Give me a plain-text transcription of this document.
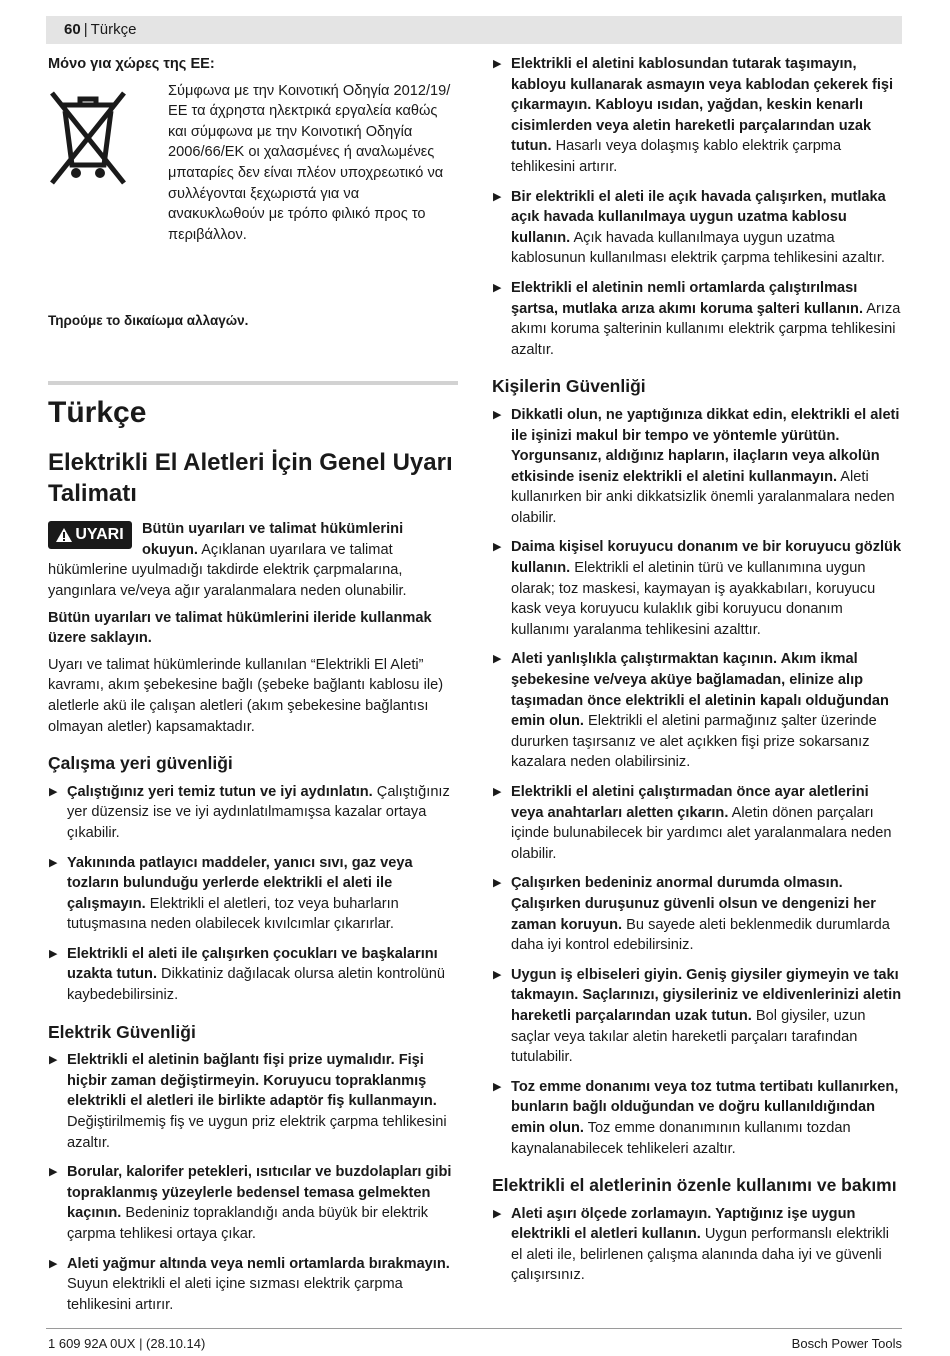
60 | Türkçe

Μόνο για χώρες της ΕΕ:

Σύμφωνα με την Κοινοτική Οδηγία 2012/19/ΕΕ τα άχρηστα ηλεκτρικά εργαλεία καθώς και σύμφωνα με την Κοινοτική Οδηγία 2006/66/ΕΚ οι χαλασμένες ή αναλωμένες μπαταρίες δεν είναι πλέον υποχρεωτικό να συλλέγονται ξεχωριστά για να ανακυκλωθούν με τρόπο φιλικό προς το περιβάλλον.

Τηρούμε το δικαίωμα αλλαγών.

Türkçe

Elektrikli El Aletleri İçin Genel Uyarı Talimatı

UYARI	Bütün uyarıları ve talimat hükümlerini okuyun. Açıklanan uyarılara ve talimat hükümlerine uyulmadığı takdirde elektrik çarpmalarına, yangınlara ve/veya ağır yaralanmalara neden olunabilir.

Bütün uyarıları ve talimat hükümlerini ileride kullanmak üzere saklayın.

Uyarı ve talimat hükümlerinde kullanılan “Elektrikli El Aleti” kavramı, akım şebekesine bağlı (şebeke bağlantı kablosu ile) aletlerle akü ile çalışan aletleri (akım şebekesine bağlantısı olmayan aletler) kapsamaktadır.

Çalışma yeri güvenliği

▶ Çalıştığınız yeri temiz tutun ve iyi aydınlatın. Çalıştığınız yer düzensiz ise ve iyi aydınlatılmamışsa kazalar ortaya çıkabilir.

▶ Yakınında patlayıcı maddeler, yanıcı sıvı, gaz veya tozların bulunduğu yerlerde elektrikli el aleti ile çalışmayın. Elektrikli el aletleri, toz veya buharların tutuşmasına neden olabilecek kıvılcımlar çıkarırlar.

▶ Elektrikli el aleti ile çalışırken çocukları ve başkalarını uzakta tutun. Dikkatiniz dağılacak olursa aletin kontrolünü kaybedebilirsiniz.

Elektrik Güvenliği

▶ Elektrikli el aletinin bağlantı fişi prize uymalıdır. Fişi hiçbir zaman değiştirmeyin. Koruyucu topraklanmış elektrikli el aletleri ile birlikte adaptör fiş kullanmayın. Değiştirilmemiş fiş ve uygun priz elektrik çarpma tehlikesini azaltır.

▶ Borular, kalorifer petekleri, ısıtıcılar ve buzdolapları gibi topraklanmış yüzeylerle bedensel temasa gelmekten kaçının. Bedeniniz topraklandığı anda büyük bir elektrik çarpma tehlikesi ortaya çıkar.

▶ Aleti yağmur altında veya nemli ortamlarda bırakmayın. Suyun elektrikli el aleti içine sızması elektrik çarpma tehlikesini artırır.

▶ Elektrikli el aletini kablosundan tutarak taşımayın, kabloyu kullanarak asmayın veya kablodan çekerek fişi çıkarmayın. Kabloyu ısıdan, yağdan, keskin kenarlı cisimlerden veya aletin hareketli parçalarından uzak tutun. Hasarlı veya dolaşmış kablo elektrik çarpma tehlikesini artırır.

▶ Bir elektrikli el aleti ile açık havada çalışırken, mutlaka açık havada kullanılmaya uygun uzatma kablosu kullanın. Açık havada kullanılmaya uygun uzatma kablosunun kullanılması elektrik çarpma tehlikesini azaltır.

▶ Elektrikli el aletinin nemli ortamlarda çalıştırılması şartsa, mutlaka arıza akımı koruma şalteri kullanın. Arıza akımı koruma şalterinin kullanımı elektrik çarpma tehlikesini azaltır.

Kişilerin Güvenliği

▶ Dikkatli olun, ne yaptığınıza dikkat edin, elektrikli el aleti ile işinizi makul bir tempo ve yöntemle yürütün. Yorgunsanız, aldığınız hapların, ilaçların veya alkolün etkisinde iseniz elektrikli el aletini kullanmayın. Aleti kullanırken bir anki dikkatsizlik önemli yaralanmalara neden olabilir.

▶ Daima kişisel koruyucu donanım ve bir koruyucu gözlük kullanın. Elektrikli el aletinin türü ve kullanımına uygun olarak; toz maskesi, kaymayan iş ayakkabıları, koruyucu kask veya koruyucu kulaklık gibi koruyucu donanım kullanımı yaralanma tehlikesini azalttır.

▶ Aleti yanlışlıkla çalıştırmaktan kaçının. Akım ikmal şebekesine ve/veya aküye bağlamadan, elinize alıp taşımadan önce elektrikli el aletinin kapalı olduğundan emin olun. Elektrikli el aletini parmağınız şalter üzerinde dururken taşırsanız ve alet açıkken fişi prize sokarsanız kazalara neden olabilirsiniz.

▶ Elektrikli el aletini çalıştırmadan önce ayar aletlerini veya anahtarları aletten çıkarın. Aletin dönen parçaları içinde bulunabilecek bir yardımcı alet yaralanmalara neden olabilir.

▶ Çalışırken bedeniniz anormal durumda olmasın. Çalışırken duruşunuz güvenli olsun ve dengenizi her zaman koruyun. Bu sayede aleti beklenmedik durumlarda daha iyi kontrol edebilirsiniz.

▶ Uygun iş elbiseleri giyin. Geniş giysiler giymeyin ve takı takmayın. Saçlarınızı, giysileriniz ve eldivenlerinizi aletin hareketli parçalarından uzak tutun. Bol giysiler, uzun saçlar veya takılar aletin hareketli parçaları tarafından tutulabilir.

▶ Toz emme donanımı veya toz tutma tertibatı kullanırken, bunların bağlı olduğundan ve doğru kullanıldığından emin olun. Toz emme donanımının kullanımı tozdan kaynalanabilecek tehlikeleri azaltır.

Elektrikli el aletlerinin özenle kullanımı ve bakımı

▶ Aleti aşırı ölçede zorlamayın. Yaptığınız işe uygun elektrikli el aletleri kullanın. Uygun performanslı elektrikli el aleti ile, belirlenen çalışma alanında daha iyi ve güvenli çalışırsınız.

1 609 92A 0UX | (28.10.14)	Bosch Power Tools
